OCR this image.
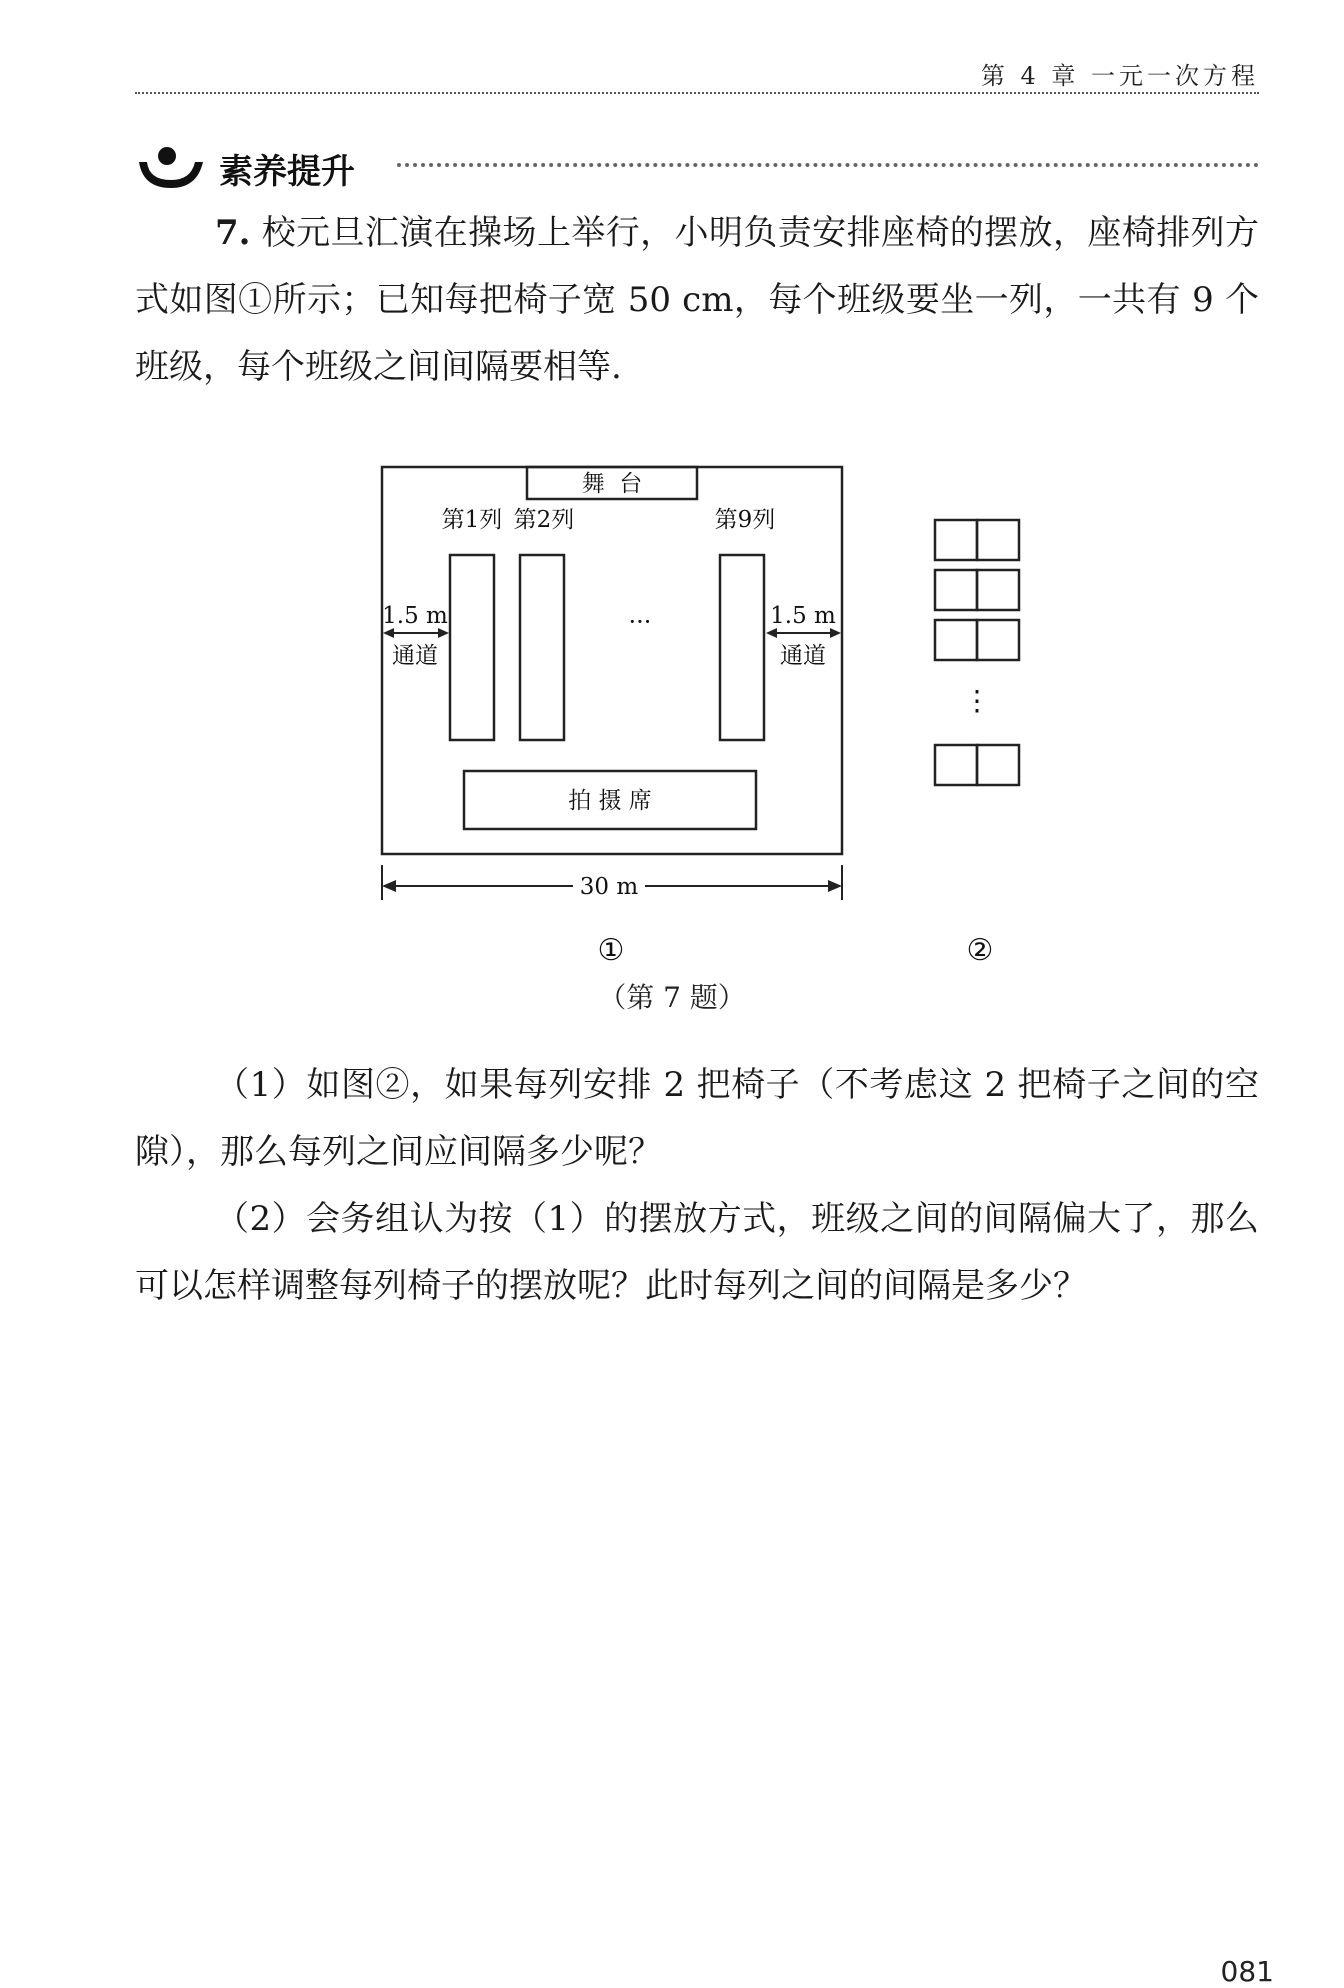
第 4 章 一元一次方程
素养提升
7. 校元旦汇演在操场上举行，小明负责安排座椅的摆放，座椅排列方式如图①所示；已知每把椅子宽 50 cm，每个班级要坐一列，一共有 9 个班级，每个班级之间间隔要相等.
舞  台
第1列 第2列	第9列
···
1.5 m
通道
1.5 m
通道
拍 摄 席
30 m
⋮
①	②
（第 7 题）
（1）如图②，如果每列安排 2 把椅子（不考虑这 2 把椅子之间的空隙），那么每列之间应间隔多少呢？
（2）会务组认为按（1）的摆放方式，班级之间的间隔偏大了，那么可以怎样调整每列椅子的摆放呢？此时每列之间的间隔是多少？
081
